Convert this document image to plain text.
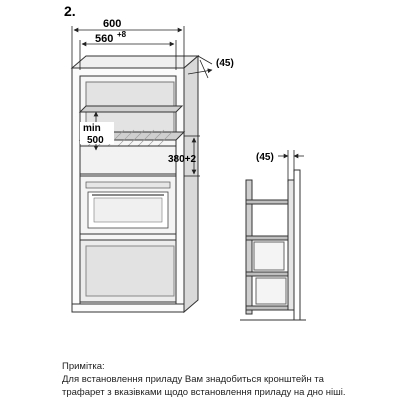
2.
600
560 +8
(45)
min
500
380+2	(45)
Примітка:
Для встановлення приладу Вам знадобиться кронштейн та
трафарет з вказівками щодо встановлення приладу на дно ніші.
